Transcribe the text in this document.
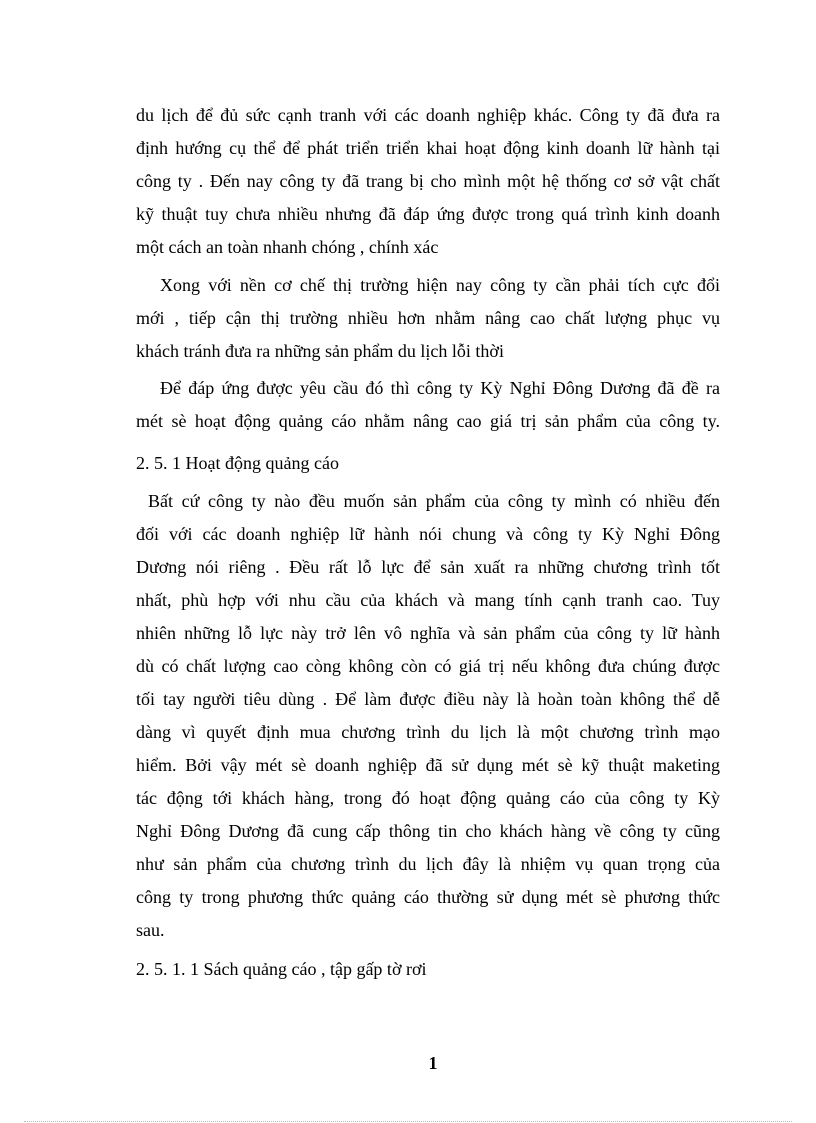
du lịch để đủ sức cạnh tranh với các doanh nghiệp khác. Công ty đã đưa ra
định hướng cụ thể để phát triển triển khai hoạt động kinh doanh lữ hành tại
công ty . Đến nay công ty đã trang bị cho mình một hệ thống cơ sở vật chất
kỹ thuật tuy chưa nhiều nhưng đã đáp ứng được trong quá trình kinh doanh
một cách an toàn nhanh chóng , chính xác
Xong với nền cơ chế thị trường hiện nay công ty cần phải tích cực đổi
mới , tiếp cận thị trường nhiều hơn nhằm nâng cao chất lượng phục vụ
khách tránh đưa ra những sản phẩm du lịch lỗi thời
Để đáp ứng được yêu cầu đó thì công ty Kỳ Nghỉ Đông Dương đã đề ra
mét sè hoạt động quảng cáo nhằm nâng cao giá trị sản phẩm của công ty.
2. 5. 1 Hoạt động quảng cáo
Bất cứ công ty nào đều muốn sản phẩm của công ty mình có nhiều đến
đối với các doanh nghiệp lữ hành nói chung và công ty Kỳ Nghỉ Đông
Dương nói riêng . Đều rất lỗ lực để sản xuất ra những chương trình tốt
nhất, phù hợp với nhu cầu của khách và mang tính cạnh tranh cao. Tuy
nhiên những lỗ lực này trở lên vô nghĩa và sản phẩm của công ty lữ hành
dù có chất lượng cao còng không còn có giá trị nếu không đưa chúng được
tối tay người tiêu dùng . Để làm được điều này là hoàn toàn không thể dễ
dàng vì quyết định mua chương trình du lịch là một chương trình mạo
hiểm. Bởi vậy mét sè doanh nghiệp đã sử dụng mét sè kỹ thuật maketing
tác động tới khách hàng, trong đó hoạt động quảng cáo của công ty Kỳ
Nghỉ Đông Dương đã cung cấp thông tin cho khách hàng về công ty cũng
như sản phẩm của chương trình du lịch đây là nhiệm vụ quan trọng của
công ty trong phương thức quảng cáo thường sử dụng mét sè phương thức
sau.
2. 5. 1. 1 Sách quảng cáo , tập gấp tờ rơi
1
